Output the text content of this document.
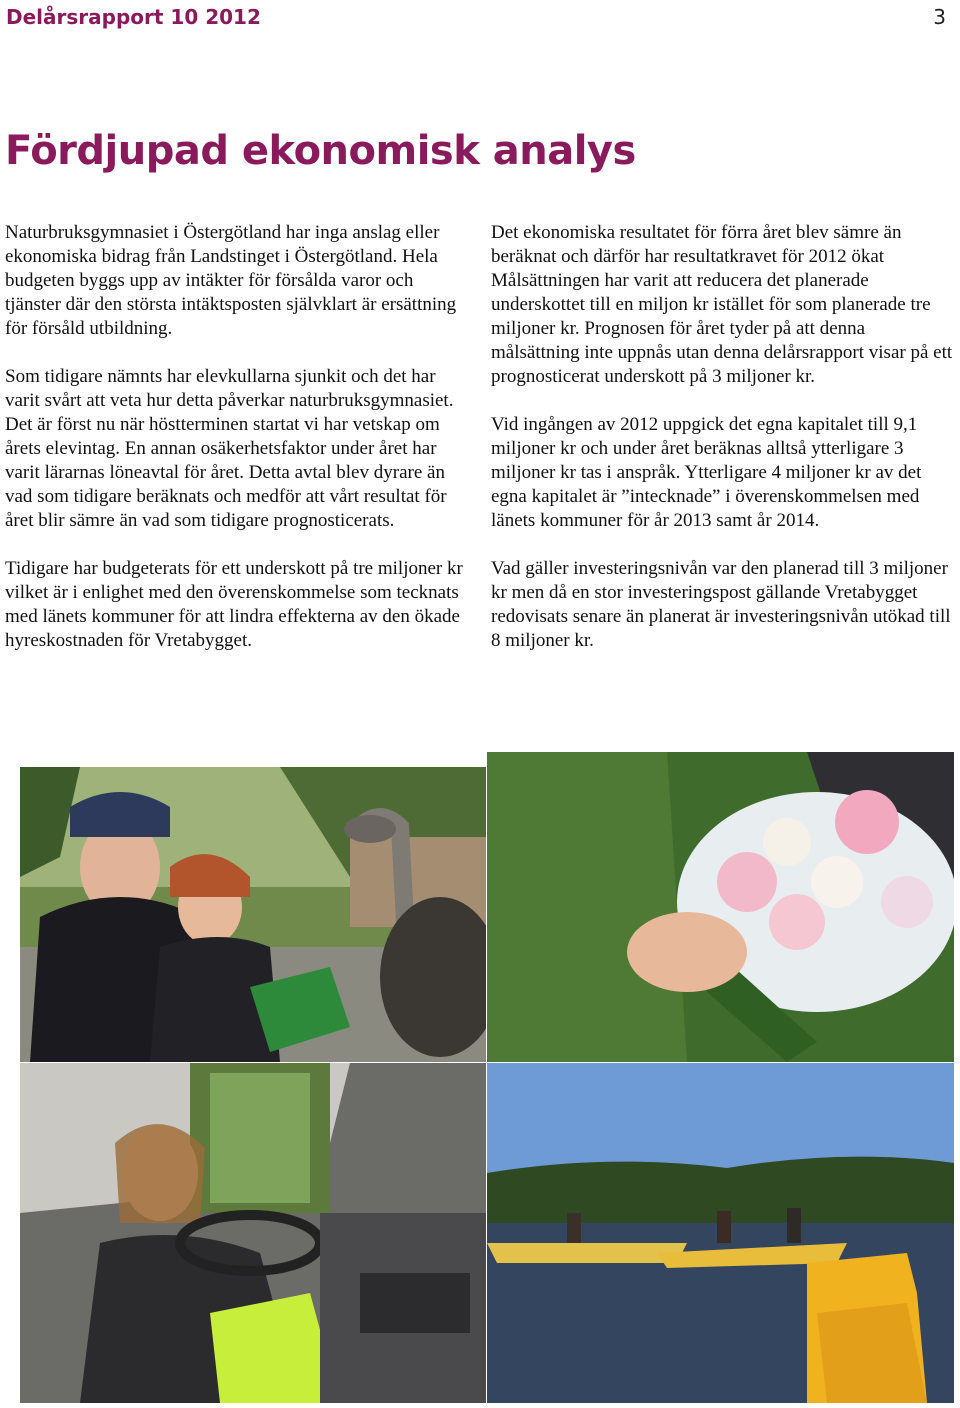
Delårsrapport 10 2012	3
Fördjupad ekonomisk analys

Naturbruksgymnasiet i Östergötland har inga anslag eller ekonomiska bidrag från Landstinget i Östergötland. Hela budgeten byggs upp av intäkter för försålda varor och tjänster där den största intäktsposten självklart är ersättning för försåld utbildning.

Som tidigare nämnts har elevkullarna sjunkit och det har varit svårt att veta hur detta påverkar naturbruksgymnasiet. Det är först nu när höstterminen startat vi har vetskap om årets elevintag. En annan osäkerhetsfaktor under året har varit lärarnas löneavtal för året. Detta avtal blev dyrare än vad som tidigare beräknats och medför att vårt resultat för året blir sämre än vad som tidigare prognosticerats.

Tidigare har budgeterats för ett underskott på tre miljoner kr vilket är i enlighet med den överenskommelse som tecknats med länets kommuner för att lindra effekterna av den ökade hyreskostnaden för Vretabygget.

Det ekonomiska resultatet för förra året blev sämre än beräknat och därför har resultatkravet för 2012 ökat Målsättningen har varit att reducera det planerade underskottet till en miljon kr istället för som planerade tre miljoner kr. Prognosen för året tyder på att denna målsättning inte uppnås utan denna delårsrapport visar på ett prognosticerat underskott på 3 miljoner kr.

Vid ingången av 2012 uppgick det egna kapitalet till 9,1 miljoner kr och under året beräknas alltså ytterligare 3 miljoner kr tas i anspråk. Ytterligare 4 miljoner kr av det egna kapitalet är ”intecknade” i överenskommelsen med länets kommuner för år 2013 samt år 2014.

Vad gäller investeringsnivån var den planerad till 3 miljoner kr men då en stor investeringspost gällande Vretabygget redovisats senare än planerat är investeringsnivån utökad till 8 miljoner kr.
